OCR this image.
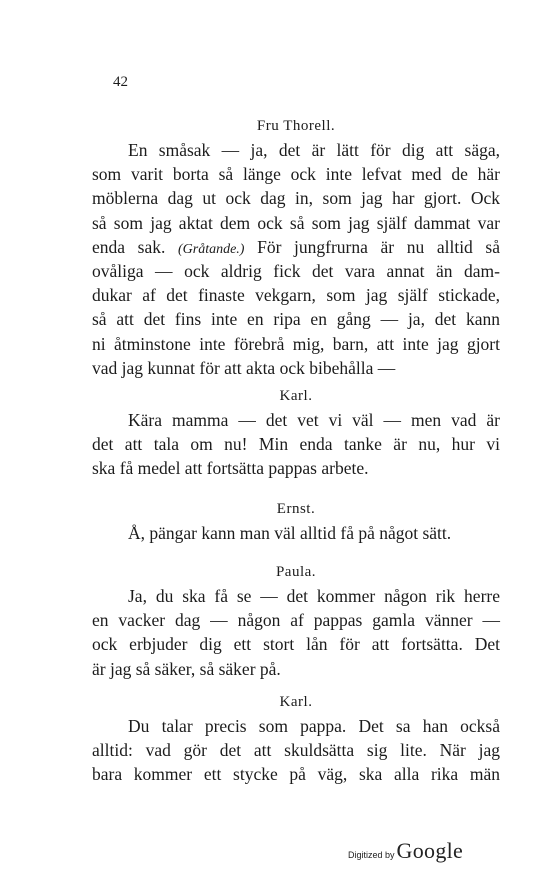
42
Fru Thorell.
En småsak — ja, det är lätt för dig att säga,
som varit borta så länge ock inte lefvat med de här
möblerna dag ut ock dag in, som jag har gjort. Ock
så som jag aktat dem ock så som jag själf dammat var
enda sak. (Gråtande.) För jungfrurna är nu alltid så
ovåliga — ock aldrig fick det vara annat än dam-
dukar af det finaste vekgarn, som jag själf stickade,
så att det fins inte en ripa en gång — ja, det kann
ni åtminstone inte förebrå mig, barn, att inte jag gjort
vad jag kunnat för att akta ock bibehålla —
Karl.
Kära mamma — det vet vi väl — men vad är
det att tala om nu! Min enda tanke är nu, hur vi
ska få medel att fortsätta pappas arbete.
Ernst.
Å, pängar kann man väl alltid få på något sätt.
Paula.
Ja, du ska få se — det kommer någon rik herre
en vacker dag — någon af pappas gamla vänner —
ock erbjuder dig ett stort lån för att fortsätta. Det
är jag så säker, så säker på.
Karl.
Du talar precis som pappa. Det sa han också
alltid: vad gör det att skuldsätta sig lite. När jag
bara kommer ett stycke på väg, ska alla rika män
Digitized by Google
